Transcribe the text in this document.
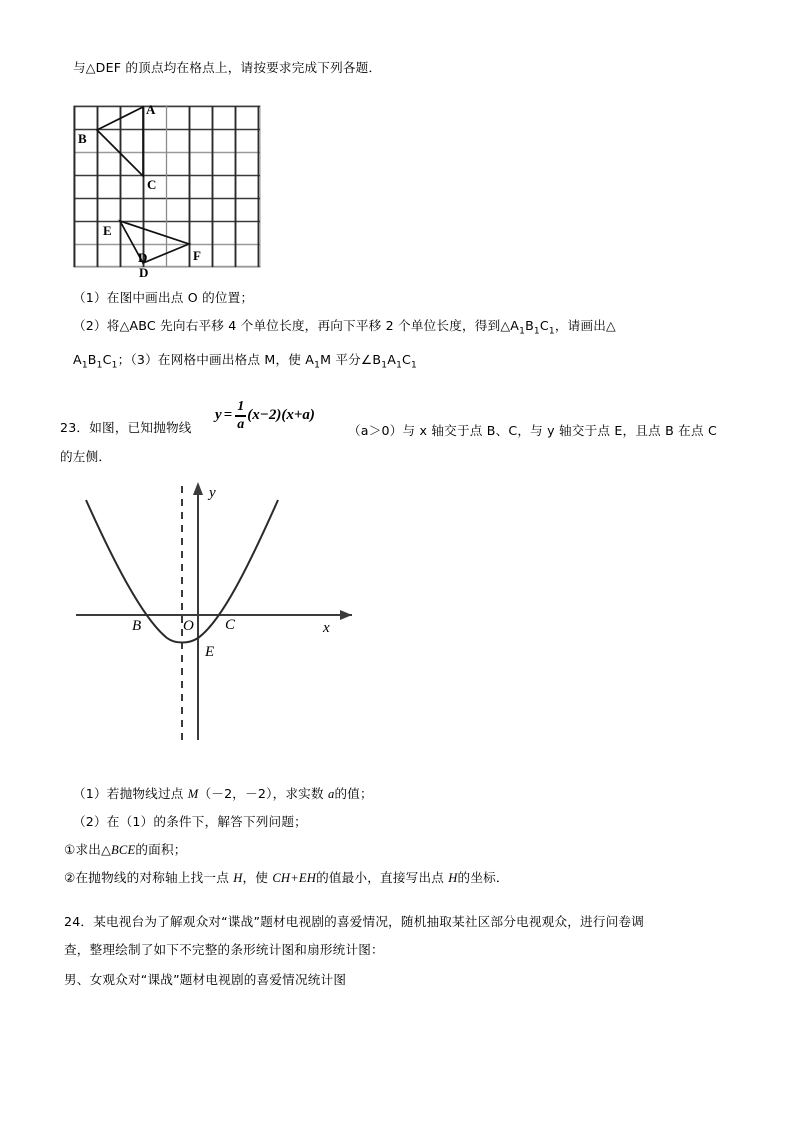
与△DEF 的顶点均在格点上，请按要求完成下列各题．
A
B
C
E
D
F
D
（1）在图中画出点 O 的位置；
（2）将△ABC 先向右平移 4 个单位长度，再向下平移 2 个单位长度，得到$\triangle A_1B_1C_1$，请画出△
$A_1B_1C_1$；（3）在网格中画出格点 M，使 $A_1M$ 平分$\angle B_1A_1C_1$
23．如图，已知抛物线
$y = \frac{1}{a} (x-2)$ (x+a)
（a＞0）与 x 轴交于点 B、C，与 y 轴交于点 E，且点 B 在点 C
的左侧．
B	O C
E
y
x
（1）若抛物线过点 M（－2，－2），求实数 a的值；
（2）在（1）的条件下，解答下列问题；
①求出△BCE的面积；
②在抛物线的对称轴上找一点 H，使 CH+EH的值最小，直接写出点 H的坐标．
24．某电视台为了解观众对“谍战”题材电视剧的喜爱情况，随机抽取某社区部分电视观众，进行问卷调
查，整理绘制了如下不完整的条形统计图和扇形统计图：
男、女观众对“课战”题材电视剧的喜爱情况统计图
